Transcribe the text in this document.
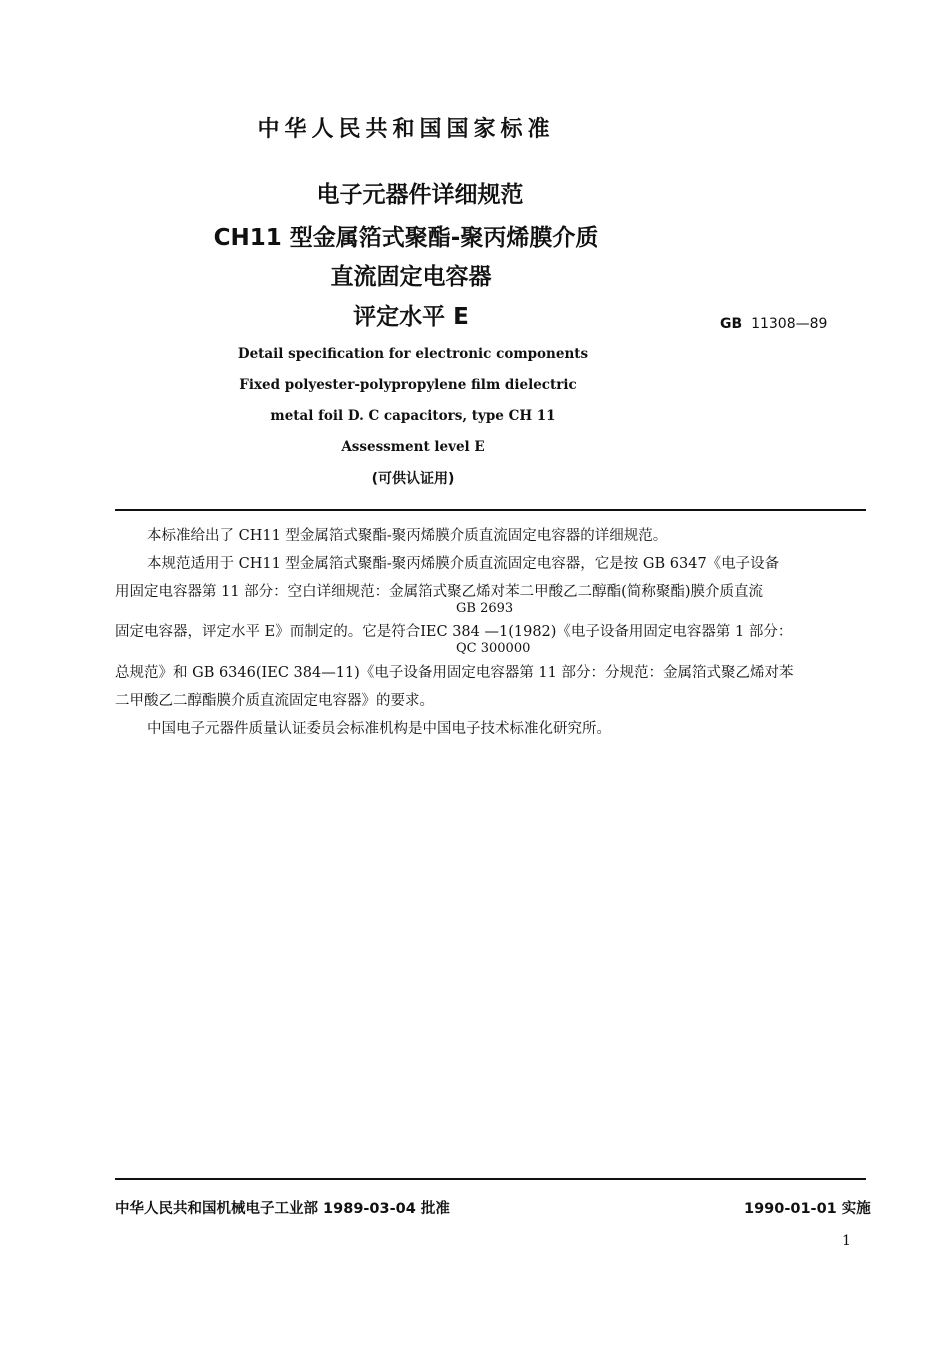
中华人民共和国国家标准
电子元器件详细规范
CH11 型金属箔式聚酯-聚丙烯膜介质
直流固定电容器
评定水平 E	GB 11308—89
Detail specification for electronic components
Fixed polyester-polypropylene film dielectric
metal foil D. C capacitors, type CH 11
Assessment level E
(可供认证用)
本标准给出了 CH11 型金属箔式聚酯-聚丙烯膜介质直流固定电容器的详细规范。
本规范适用于 CH11 型金属箔式聚酯-聚丙烯膜介质直流固定电容器，它是按 GB 6347《电子设备
用固定电容器第 11 部分：空白详细规范：金属箔式聚乙烯对苯二甲酸乙二醇酯(简称聚酯)膜介质直流
GB 2693
固定电容器，评定水平 E》而制定的。它是符合IEC 384 —1(1982)《电子设备用固定电容器第 1 部分：
QC 300000
总规范》和 GB 6346(IEC 384—11)《电子设备用固定电容器第 11 部分：分规范：金属箔式聚乙烯对苯
二甲酸乙二醇酯膜介质直流固定电容器》的要求。
中国电子元器件质量认证委员会标准机构是中国电子技术标准化研究所。
中华人民共和国机械电子工业部 1989-03-04 批准	1990-01-01 实施
1
